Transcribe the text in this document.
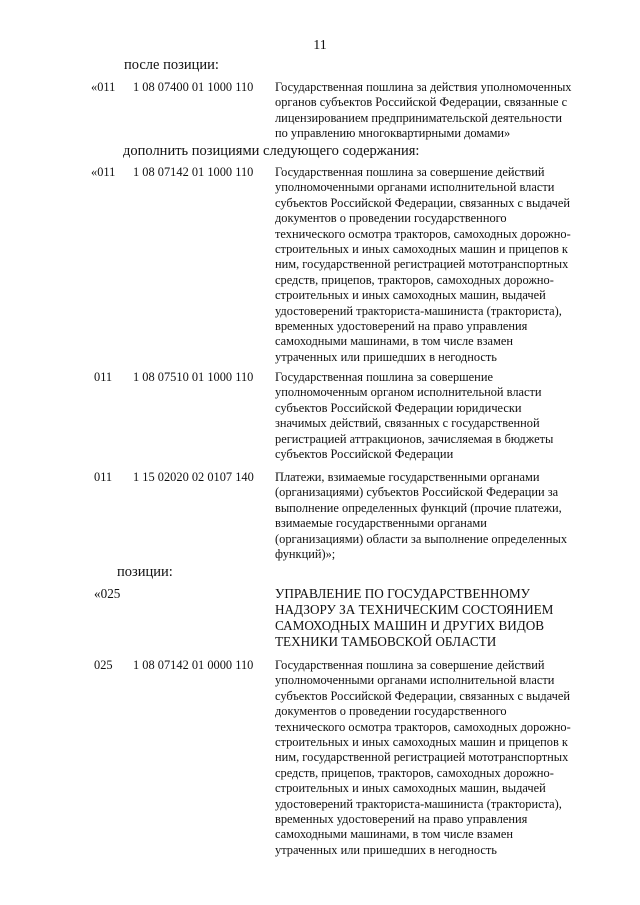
11
после позиции:
«011 1 08 07400 01 1000 110 Государственная пошлина за действия уполномоченных
органов субъектов Российской Федерации, связанные с
лицензированием предпринимательской деятельности
по управлению многоквартирными домами»
дополнить позициями следующего содержания:
«011 1 08 07142 01 1000 110 Государственная пошлина за совершение действий
уполномоченными органами исполнительной власти
субъектов Российской Федерации, связанных с выдачей
документов о проведении государственного
технического осмотра тракторов, самоходных дорожно-
строительных и иных самоходных машин и прицепов к
ним, государственной регистрацией мототранспортных
средств, прицепов, тракторов, самоходных дорожно-
строительных и иных самоходных машин, выдачей
удостоверений тракториста-машиниста (тракториста),
временных удостоверений на право управления
самоходными машинами, в том числе взамен
утраченных или пришедших в негодность
011 1 08 07510 01 1000 110 Государственная пошлина за совершение
уполномоченным органом исполнительной власти
субъектов Российской Федерации юридически
значимых действий, связанных с государственной
регистрацией аттракционов, зачисляемая в бюджеты
субъектов Российской Федерации
011 1 15 02020 02 0107 140 Платежи, взимаемые государственными органами
(организациями) субъектов Российской Федерации за
выполнение определенных функций (прочие платежи,
взимаемые государственными органами
(организациями) области за выполнение определенных
функций)»;
позиции:
«025	УПРАВЛЕНИЕ ПО ГОСУДАРСТВЕННОМУ
НАДЗОРУ ЗА ТЕХНИЧЕСКИМ СОСТОЯНИЕМ
САМОХОДНЫХ МАШИН И ДРУГИХ ВИДОВ
ТЕХНИКИ ТАМБОВСКОЙ ОБЛАСТИ
025 1 08 07142 01 0000 110 Государственная пошлина за совершение действий
уполномоченными органами исполнительной власти
субъектов Российской Федерации, связанных с выдачей
документов о проведении государственного
технического осмотра тракторов, самоходных дорожно-
строительных и иных самоходных машин и прицепов к
ним, государственной регистрацией мототранспортных
средств, прицепов, тракторов, самоходных дорожно-
строительных и иных самоходных машин, выдачей
удостоверений тракториста-машиниста (тракториста),
временных удостоверений на право управления
самоходными машинами, в том числе взамен
утраченных или пришедших в негодность
